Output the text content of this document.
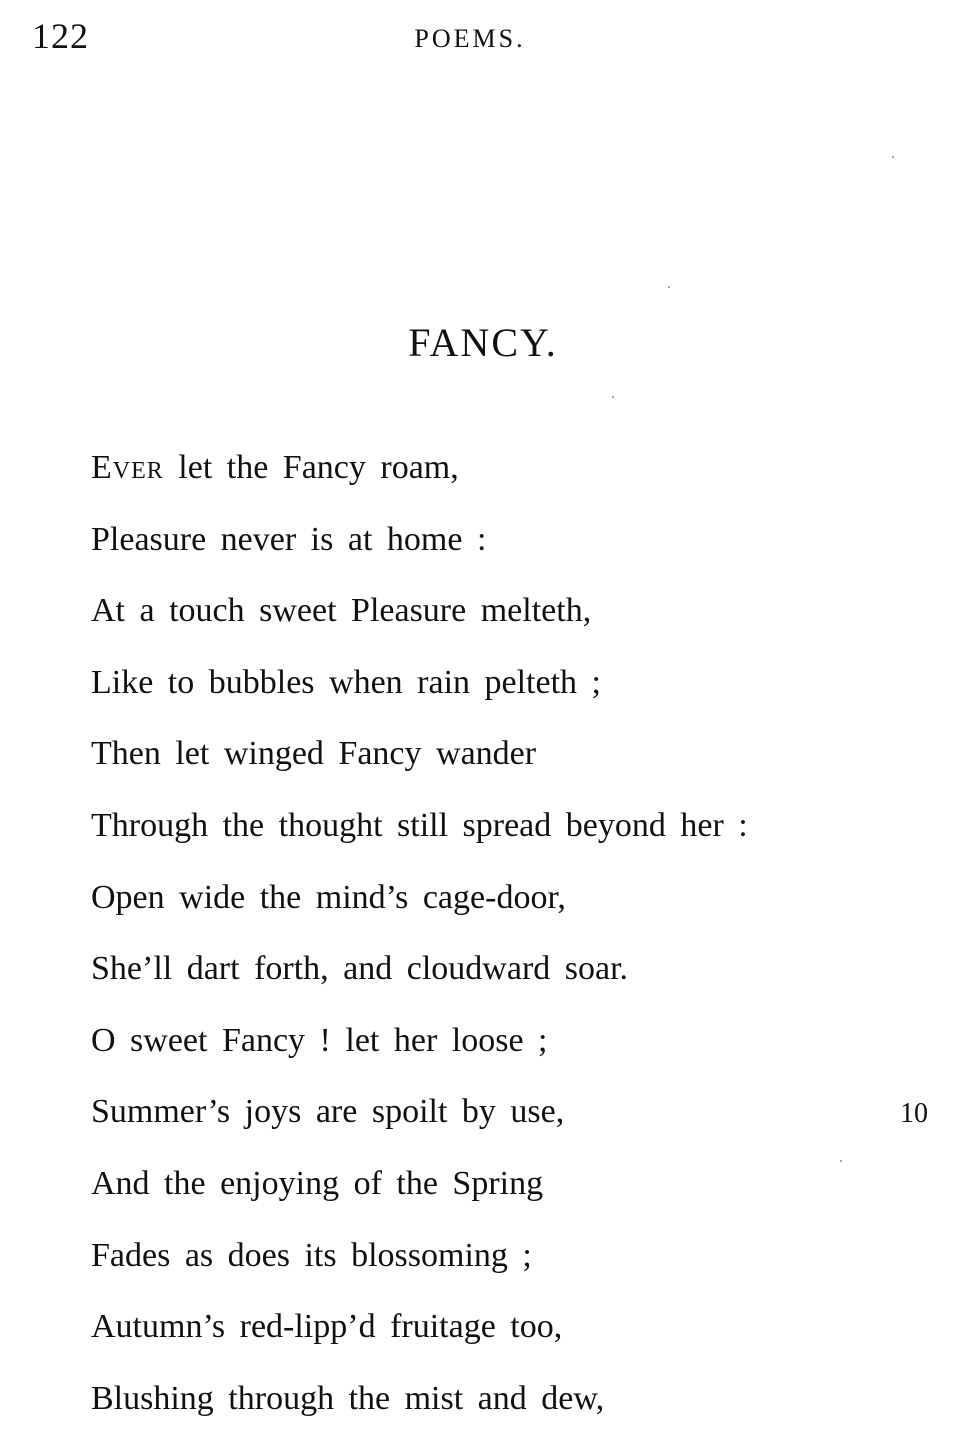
122	POEMS.
FANCY.
Ever let the Fancy roam,
Pleasure never is at home :
At a touch sweet Pleasure melteth,
Like to bubbles when rain pelteth ;
Then let winged Fancy wander
Through the thought still spread beyond her :
Open wide the mind’s cage-door,
She’ll dart forth, and cloudward soar.
O sweet Fancy ! let her loose ;
Summer’s joys are spoilt by use,	10
And the enjoying of the Spring
Fades as does its blossoming ;
Autumn’s red-lipp’d fruitage too,
Blushing through the mist and dew,
